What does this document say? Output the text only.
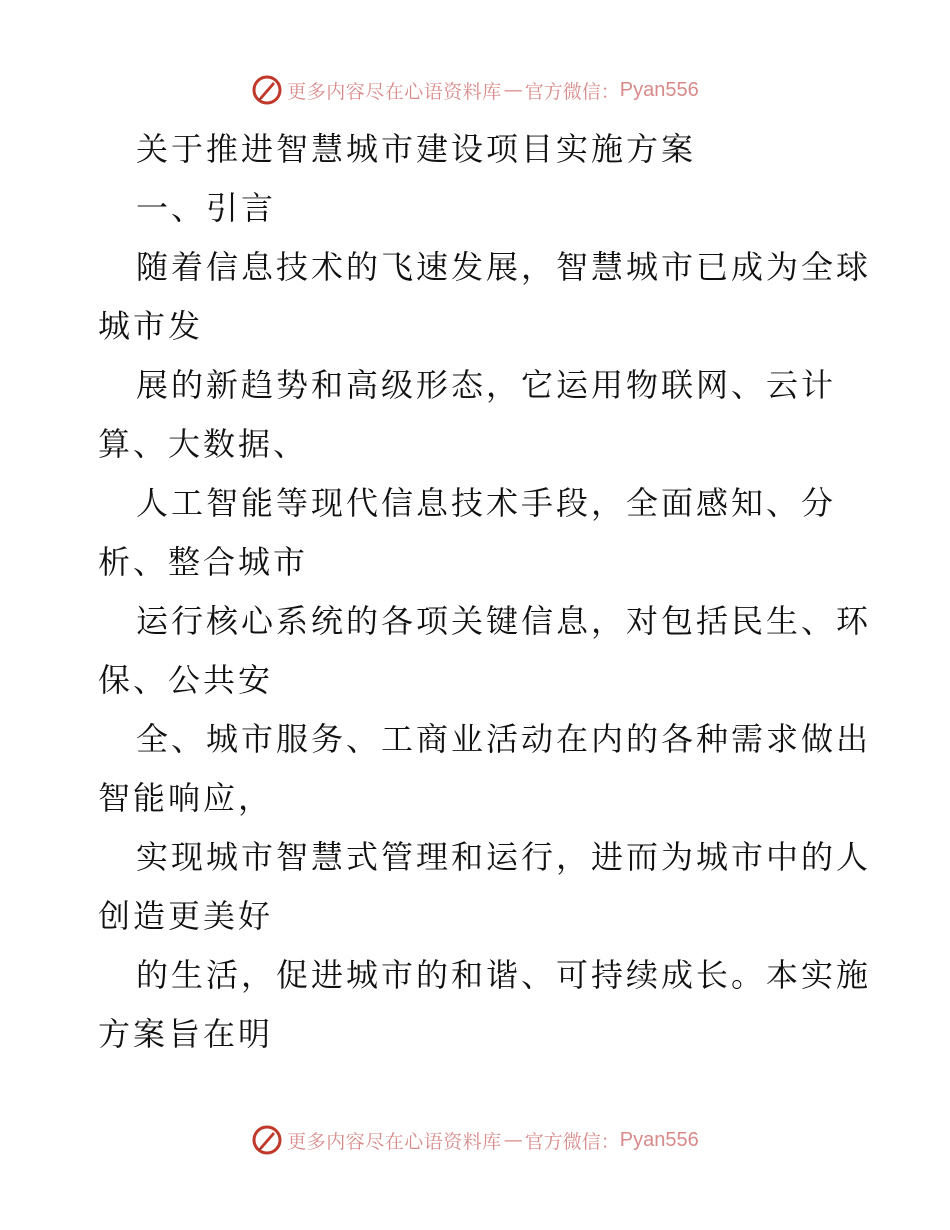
更多内容尽在心语资料库 — 官方微信： Pyan556
关于推进智慧城市建设项目实施方案
一、引言
随着信息技术的飞速发展，智慧城市已成为全球
城市发
展的新趋势和高级形态，它运用物联网、云计
算、大数据、
人工智能等现代信息技术手段，全面感知、分
析、整合城市
运行核心系统的各项关键信息，对包括民生、环
保、公共安
全、城市服务、工商业活动在内的各种需求做出
智能响应，
实现城市智慧式管理和运行，进而为城市中的人
创造更美好
的生活，促进城市的和谐、可持续成长。本实施
方案旨在明
更多内容尽在心语资料库 — 官方微信： Pyan556
